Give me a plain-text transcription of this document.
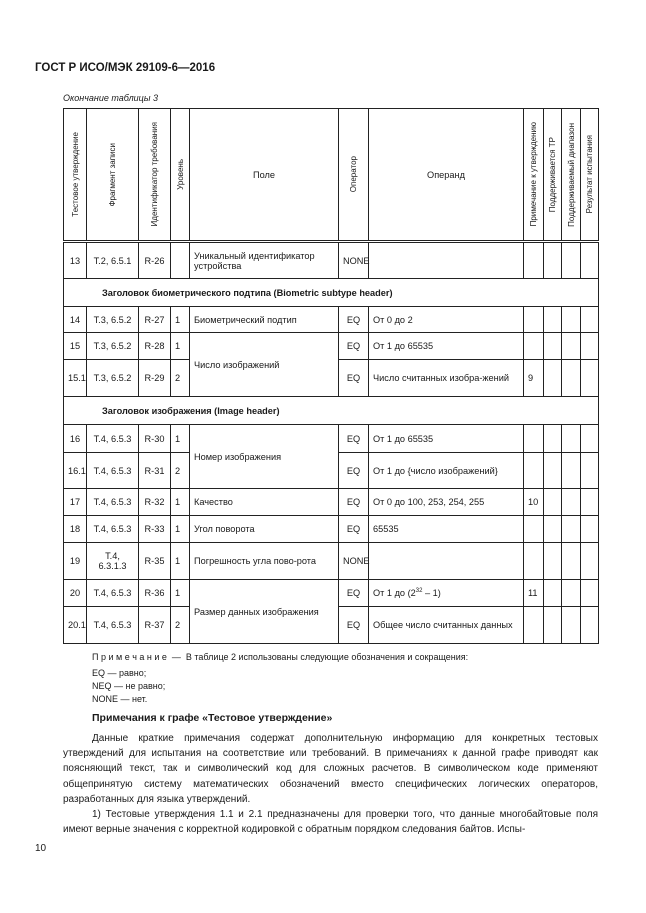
ГОСТ Р ИСО/МЭК 29109-6—2016
Окончание таблицы 3
Тестовое утверждение	Фрагмент записи	Идентификатор требования	Уровень	Поле	Оператор	Операнд	Примечание к утверждению	Поддерживается ТР	Поддерживаемый диапазон	Результат испытания

13	Т.2, 6.5.1	R-26		Уникальный идентификатор устройства	NONE					
Заголовок биометрического подтипа (Biometric subtype header)										
14	Т.3, 6.5.2	R-27	1	Биометрический подтип	EQ	От 0 до 2				
15	Т.3, 6.5.2	R-28	1	Число изображений	EQ	От 1 до 65535				
15.1	Т.3, 6.5.2	R-29	2		EQ	Число считанных изобра-жений	9			
Заголовок изображения (Image header)										
16	Т.4, 6.5.3	R-30	1	Номер изображения	EQ	От 1 до 65535				
16.1	Т.4, 6.5.3	R-31	2		EQ	От 1 до {число изображений}				
17	Т.4, 6.5.3	R-32	1	Качество	EQ	От 0 до 100, 253, 254, 255	10			
18	Т.4, 6.5.3	R-33	1	Угол поворота	EQ	65535				
19	Т.4, 6.3.1.3	R-35	1	Погрешность угла пово-рота	NONE					
20	Т.4, 6.5.3	R-36	1	Размер данных изображения	EQ	От 1 до $(2^{32} - 1)$	11			
20.1	Т.4, 6.5.3	R-37	2		EQ	Общее число считанных данных				
П р и м е ч а н и е  —  В таблице 2 использованы следующие обозначения и сокращения:
EQ — равно;
NEQ — не равно;
NONE — нет.
Примечания к графе «Тестовое утверждение»

Данные краткие примечания содержат дополнительную информацию для конкретных тестовых утверждений для испытания на соответствие или требований. В примечаниях к данной графе приводят как поясняющий текст, так и символический код для сложных расчетов. В символическом коде применяют общепринятую систему математических обозначений вместо специфических логических операторов, разработанных для языка утверждений.

1) Тестовые утверждения 1.1 и 2.1 предназначены для проверки того, что данные многобайтовые поля имеют верные значения с корректной кодировкой с обратным порядком следования байтов. Испы-

10
